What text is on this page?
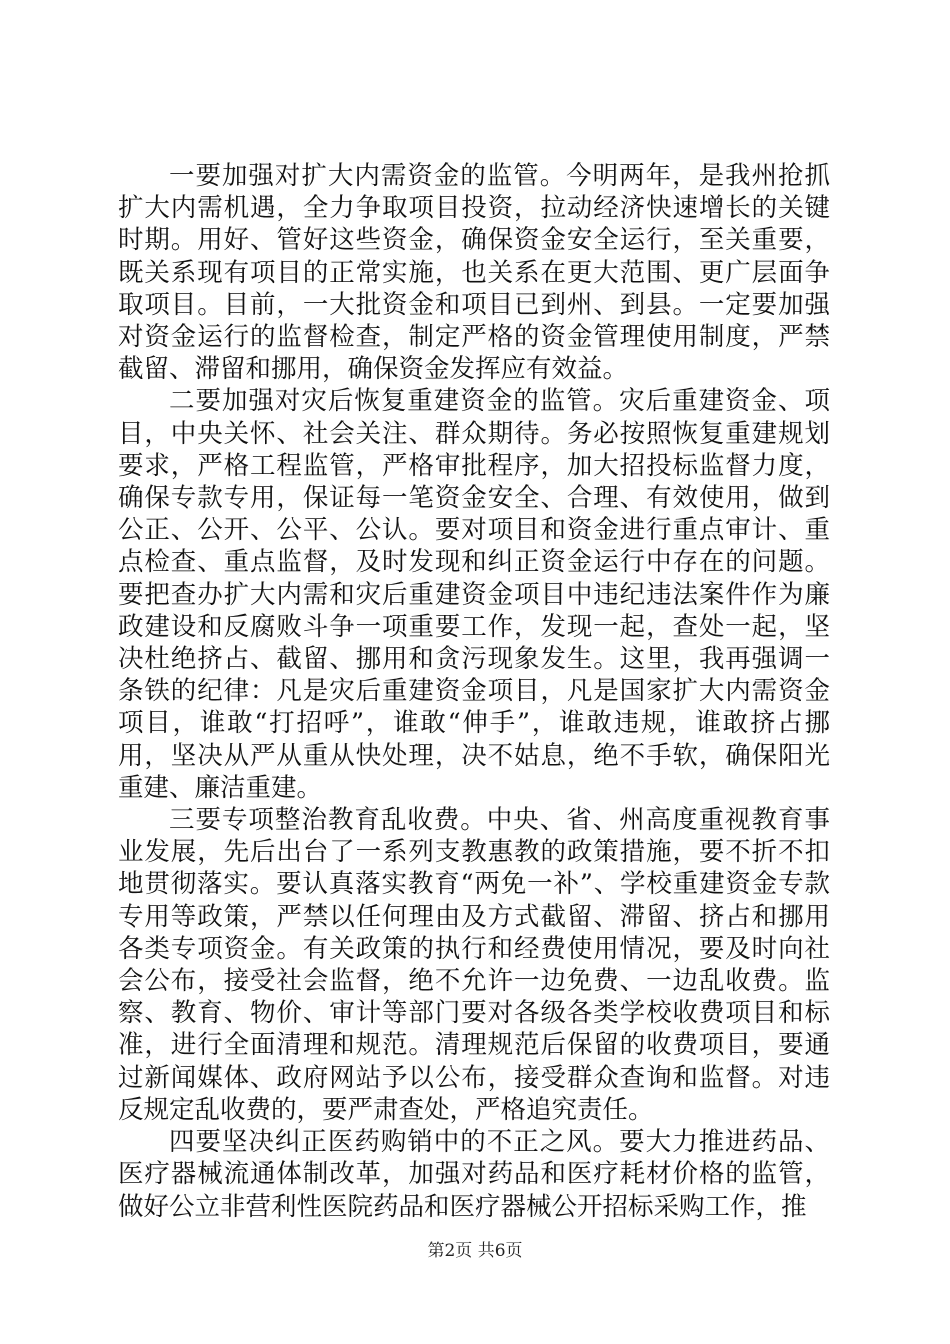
一要加强对扩大内需资金的监管。今明两年，是我州抢抓扩大内需机遇，全力争取项目投资，拉动经济快速增长的关键时期。用好、管好这些资金，确保资金安全运行，至关重要，既关系现有项目的正常实施，也关系在更大范围、更广层面争取项目。目前，一大批资金和项目已到州、到县。一定要加强对资金运行的监督检查，制定严格的资金管理使用制度，严禁截留、滞留和挪用，确保资金发挥应有效益。

二要加强对灾后恢复重建资金的监管。灾后重建资金、项目，中央关怀、社会关注、群众期待。务必按照恢复重建规划要求，严格工程监管，严格审批程序，加大招投标监督力度，确保专款专用，保证每一笔资金安全、合理、有效使用，做到公正、公开、公平、公认。要对项目和资金进行重点审计、重点检查、重点监督，及时发现和纠正资金运行中存在的问题。要把查办扩大内需和灾后重建资金项目中违纪违法案件作为廉政建设和反腐败斗争一项重要工作，发现一起，查处一起，坚决杜绝挤占、截留、挪用和贪污现象发生。这里，我再强调一条铁的纪律：凡是灾后重建资金项目，凡是国家扩大内需资金项目，谁敢“打招呼”，谁敢“伸手”，谁敢违规，谁敢挤占挪用，坚决从严从重从快处理，决不姑息，绝不手软，确保阳光重建、廉洁重建。

三要专项整治教育乱收费。中央、省、州高度重视教育事业发展，先后出台了一系列支教惠教的政策措施，要不折不扣地贯彻落实。要认真落实教育“两免一补”、学校重建资金专款专用等政策，严禁以任何理由及方式截留、滞留、挤占和挪用各类专项资金。有关政策的执行和经费使用情况，要及时向社会公布，接受社会监督，绝不允许一边免费、一边乱收费。监察、教育、物价、审计等部门要对各级各类学校收费项目和标准，进行全面清理和规范。清理规范后保留的收费项目，要通过新闻媒体、政府网站予以公布，接受群众查询和监督。对违反规定乱收费的，要严肃查处，严格追究责任。

四要坚决纠正医药购销中的不正之风。要大力推进药品、医疗器械流通体制改革，加强对药品和医疗耗材价格的监管，做好公立非营利性医院药品和医疗器械公开招标采购工作，推

第2页 共6页
